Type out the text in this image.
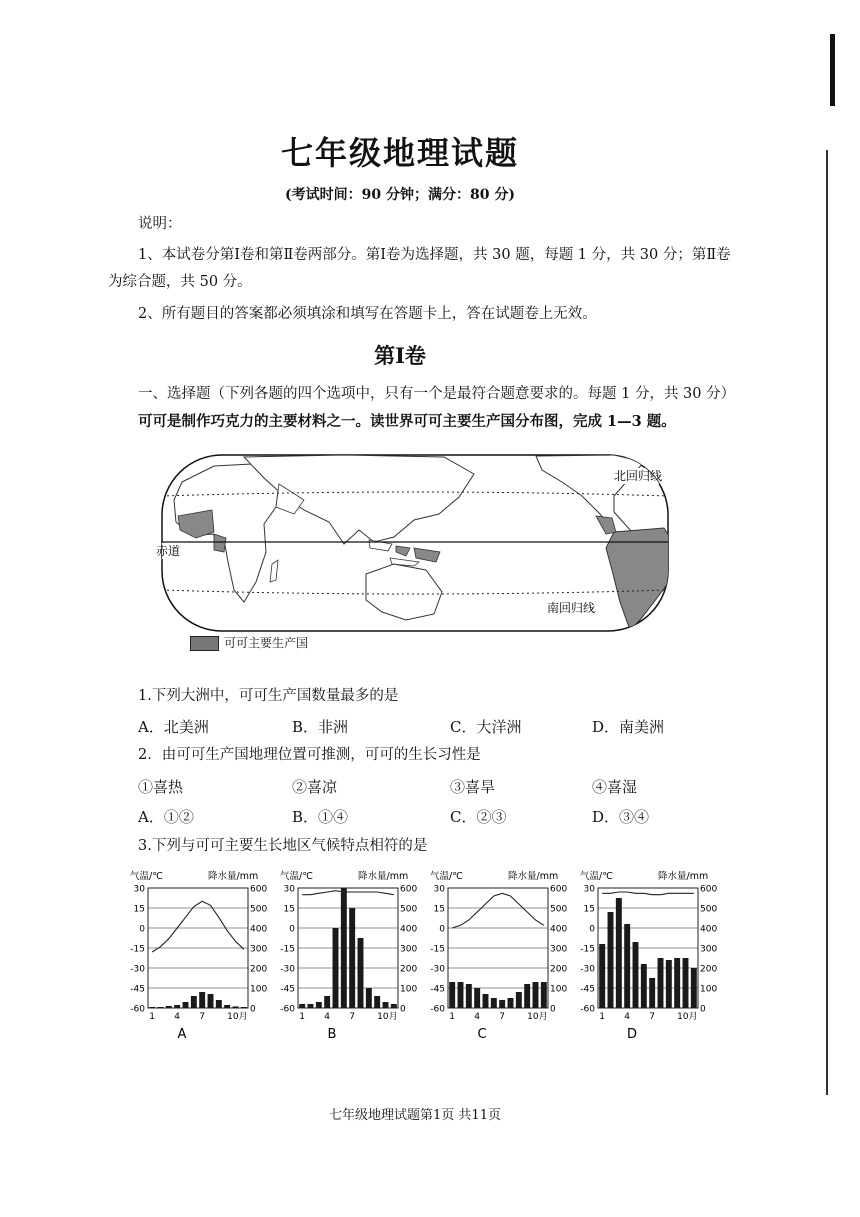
七年级地理试题
(考试时间：90 分钟；满分：80 分)
说明：
1、本试卷分第Ⅰ卷和第Ⅱ卷两部分。第Ⅰ卷为选择题，共 30 题，每题 1 分，共 30 分；第Ⅱ卷
为综合题，共 50 分。
2、所有题目的答案都必须填涂和填写在答题卡上，答在试题卷上无效。
第Ⅰ卷
一、选择题（下列各题的四个选项中，只有一个是最符合题意要求的。每题 1 分，共 30 分）
可可是制作巧克力的主要材料之一。读世界可可主要生产国分布图，完成 1—3 题。
北回归线
赤道
南回归线
可可主要生产国
1.下列大洲中，可可生产国数量最多的是
A．北美洲	B．非洲	C．大洋洲	D．南美洲
2．由可可生产国地理位置可推测，可可的生长习性是
①喜热	②喜凉	③喜旱	④喜湿
A．①②	B．①④	C．②③	D．③④
3.下列与可可主要生长地区气候特点相符的是
气温/℃	降水量/mm
30	600
15	500
0	400
-15	300
-30	200
-45	100
-60	0
1 4 7 10月
A
气温/℃	降水量/mm
30	600
15	500
0	400
-15	300
-30	200
-45	100
-60	0
1 4 7 10月
B
气温/℃	降水量/mm
30	600
15	500
0	400
-15	300
-30	200
-45	100
-60	0
1 4 7 10月
C
气温/℃	降水量/mm
30	600
15	500
0	400
-15	300
-30	200
-45	100
-60	0
1 4 7 10月
D
七年级地理试题第1页 共11页
